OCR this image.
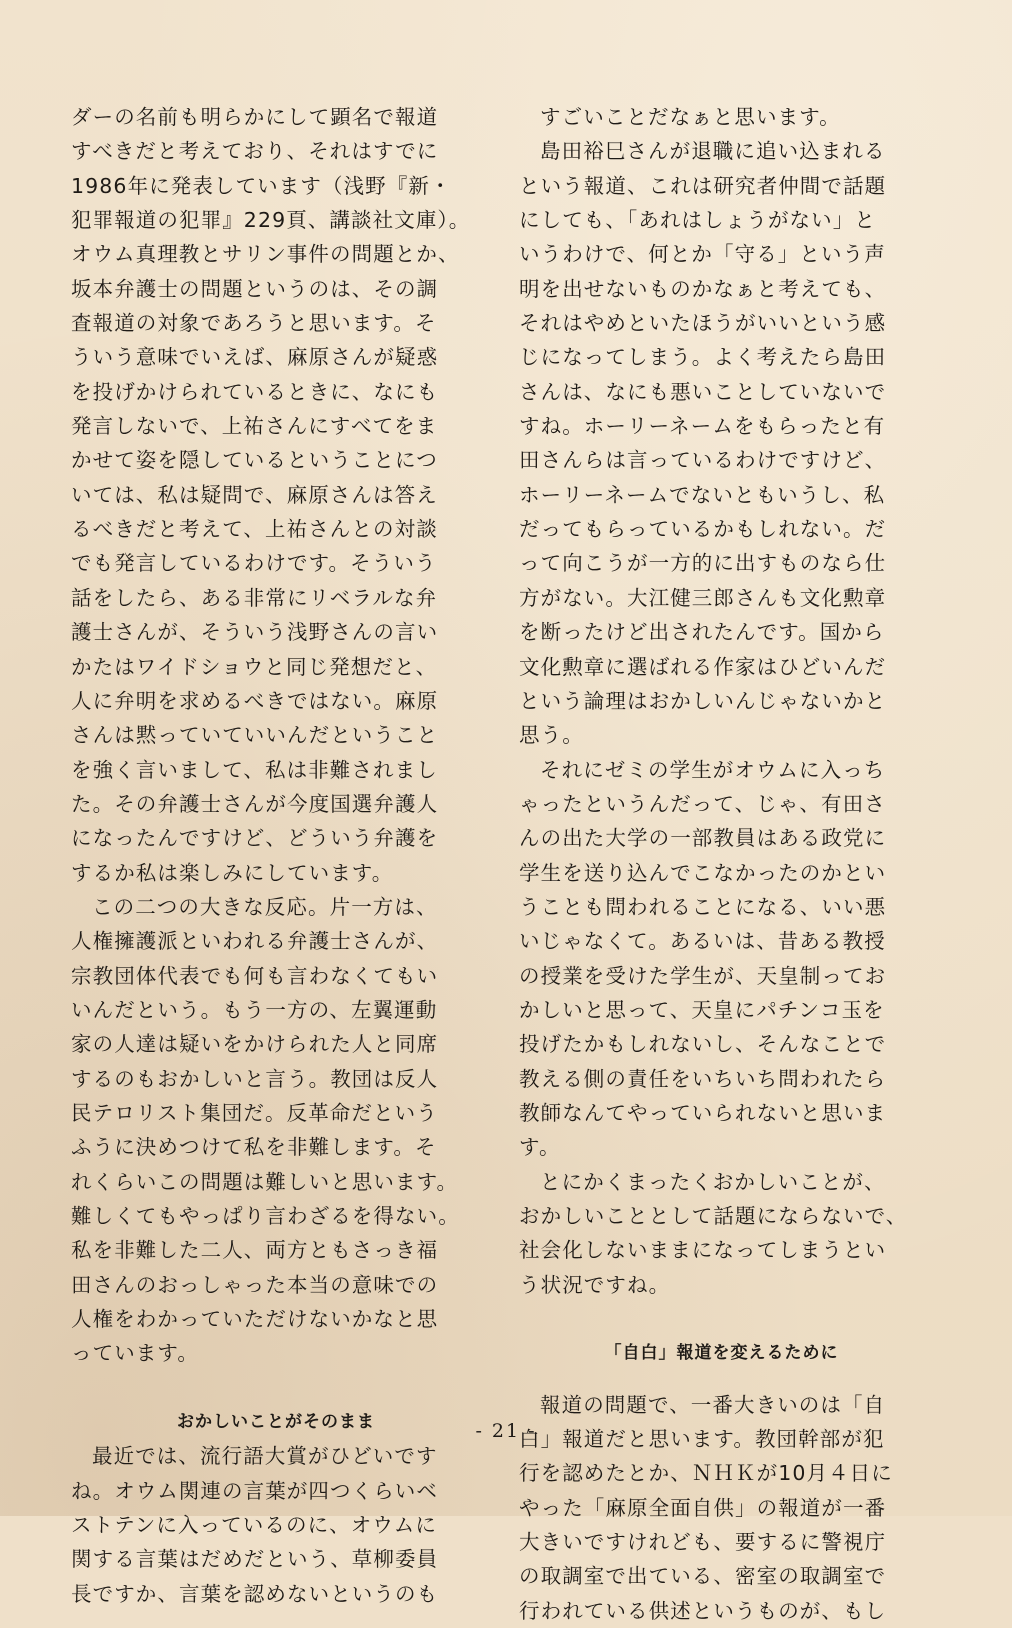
ダーの名前も明らかにして顕名で報道
すべきだと考えており、それはすでに
1986年に発表しています（浅野『新・
犯罪報道の犯罪』229頁、講談社文庫）。
オウム真理教とサリン事件の問題とか、
坂本弁護士の問題というのは、その調
査報道の対象であろうと思います。そ
ういう意味でいえば、麻原さんが疑惑
を投げかけられているときに、なにも
発言しないで、上祐さんにすべてをま
かせて姿を隠しているということにつ
いては、私は疑問で、麻原さんは答え
るべきだと考えて、上祐さんとの対談
でも発言しているわけです。そういう
話をしたら、ある非常にリベラルな弁
護士さんが、そういう浅野さんの言い
かたはワイドショウと同じ発想だと、
人に弁明を求めるべきではない。麻原
さんは黙っていていいんだということ
を強く言いまして、私は非難されまし
た。その弁護士さんが今度国選弁護人
になったんですけど、どういう弁護を
するか私は楽しみにしています。
この二つの大きな反応。片一方は、
人権擁護派といわれる弁護士さんが、
宗教団体代表でも何も言わなくてもい
いんだという。もう一方の、左翼運動
家の人達は疑いをかけられた人と同席
するのもおかしいと言う。教団は反人
民テロリスト集団だ。反革命だという
ふうに決めつけて私を非難します。そ
れくらいこの問題は難しいと思います。
難しくてもやっぱり言わざるを得ない。
私を非難した二人、両方ともさっき福
田さんのおっしゃった本当の意味での
人権をわかっていただけないかなと思
っています。
おかしいことがそのまま
最近では、流行語大賞がひどいです
ね。オウム関連の言葉が四つくらいベ
ストテンに入っているのに、オウムに
関する言葉はだめだという、草柳委員
長ですか、言葉を認めないというのも
すごいことだなぁと思います。
島田裕巳さんが退職に追い込まれる
という報道、これは研究者仲間で話題
にしても、「あれはしょうがない」と
いうわけで、何とか「守る」という声
明を出せないものかなぁと考えても、
それはやめといたほうがいいという感
じになってしまう。よく考えたら島田
さんは、なにも悪いことしていないで
すね。ホーリーネームをもらったと有
田さんらは言っているわけですけど、
ホーリーネームでないともいうし、私
だってもらっているかもしれない。だ
って向こうが一方的に出すものなら仕
方がない。大江健三郎さんも文化勲章
を断ったけど出されたんです。国から
文化勲章に選ばれる作家はひどいんだ
という論理はおかしいんじゃないかと
思う。
それにゼミの学生がオウムに入っち
ゃったというんだって、じゃ、有田さ
んの出た大学の一部教員はある政党に
学生を送り込んでこなかったのかとい
うことも問われることになる、いい悪
いじゃなくて。あるいは、昔ある教授
の授業を受けた学生が、天皇制ってお
かしいと思って、天皇にパチンコ玉を
投げたかもしれないし、そんなことで
教える側の責任をいちいち問われたら
教師なんてやっていられないと思いま
す。
とにかくまったくおかしいことが、
おかしいこととして話題にならないで、
社会化しないままになってしまうとい
う状況ですね。
「自白」報道を変えるために
報道の問題で、一番大きいのは「自
白」報道だと思います。教団幹部が犯
行を認めたとか、ＮＨＫが10月４日に
やった「麻原全面自供」の報道が一番
大きいですけれども、要するに警視庁
の取調室で出ている、密室の取調室で
行われている供述というものが、もし
- 21 -
